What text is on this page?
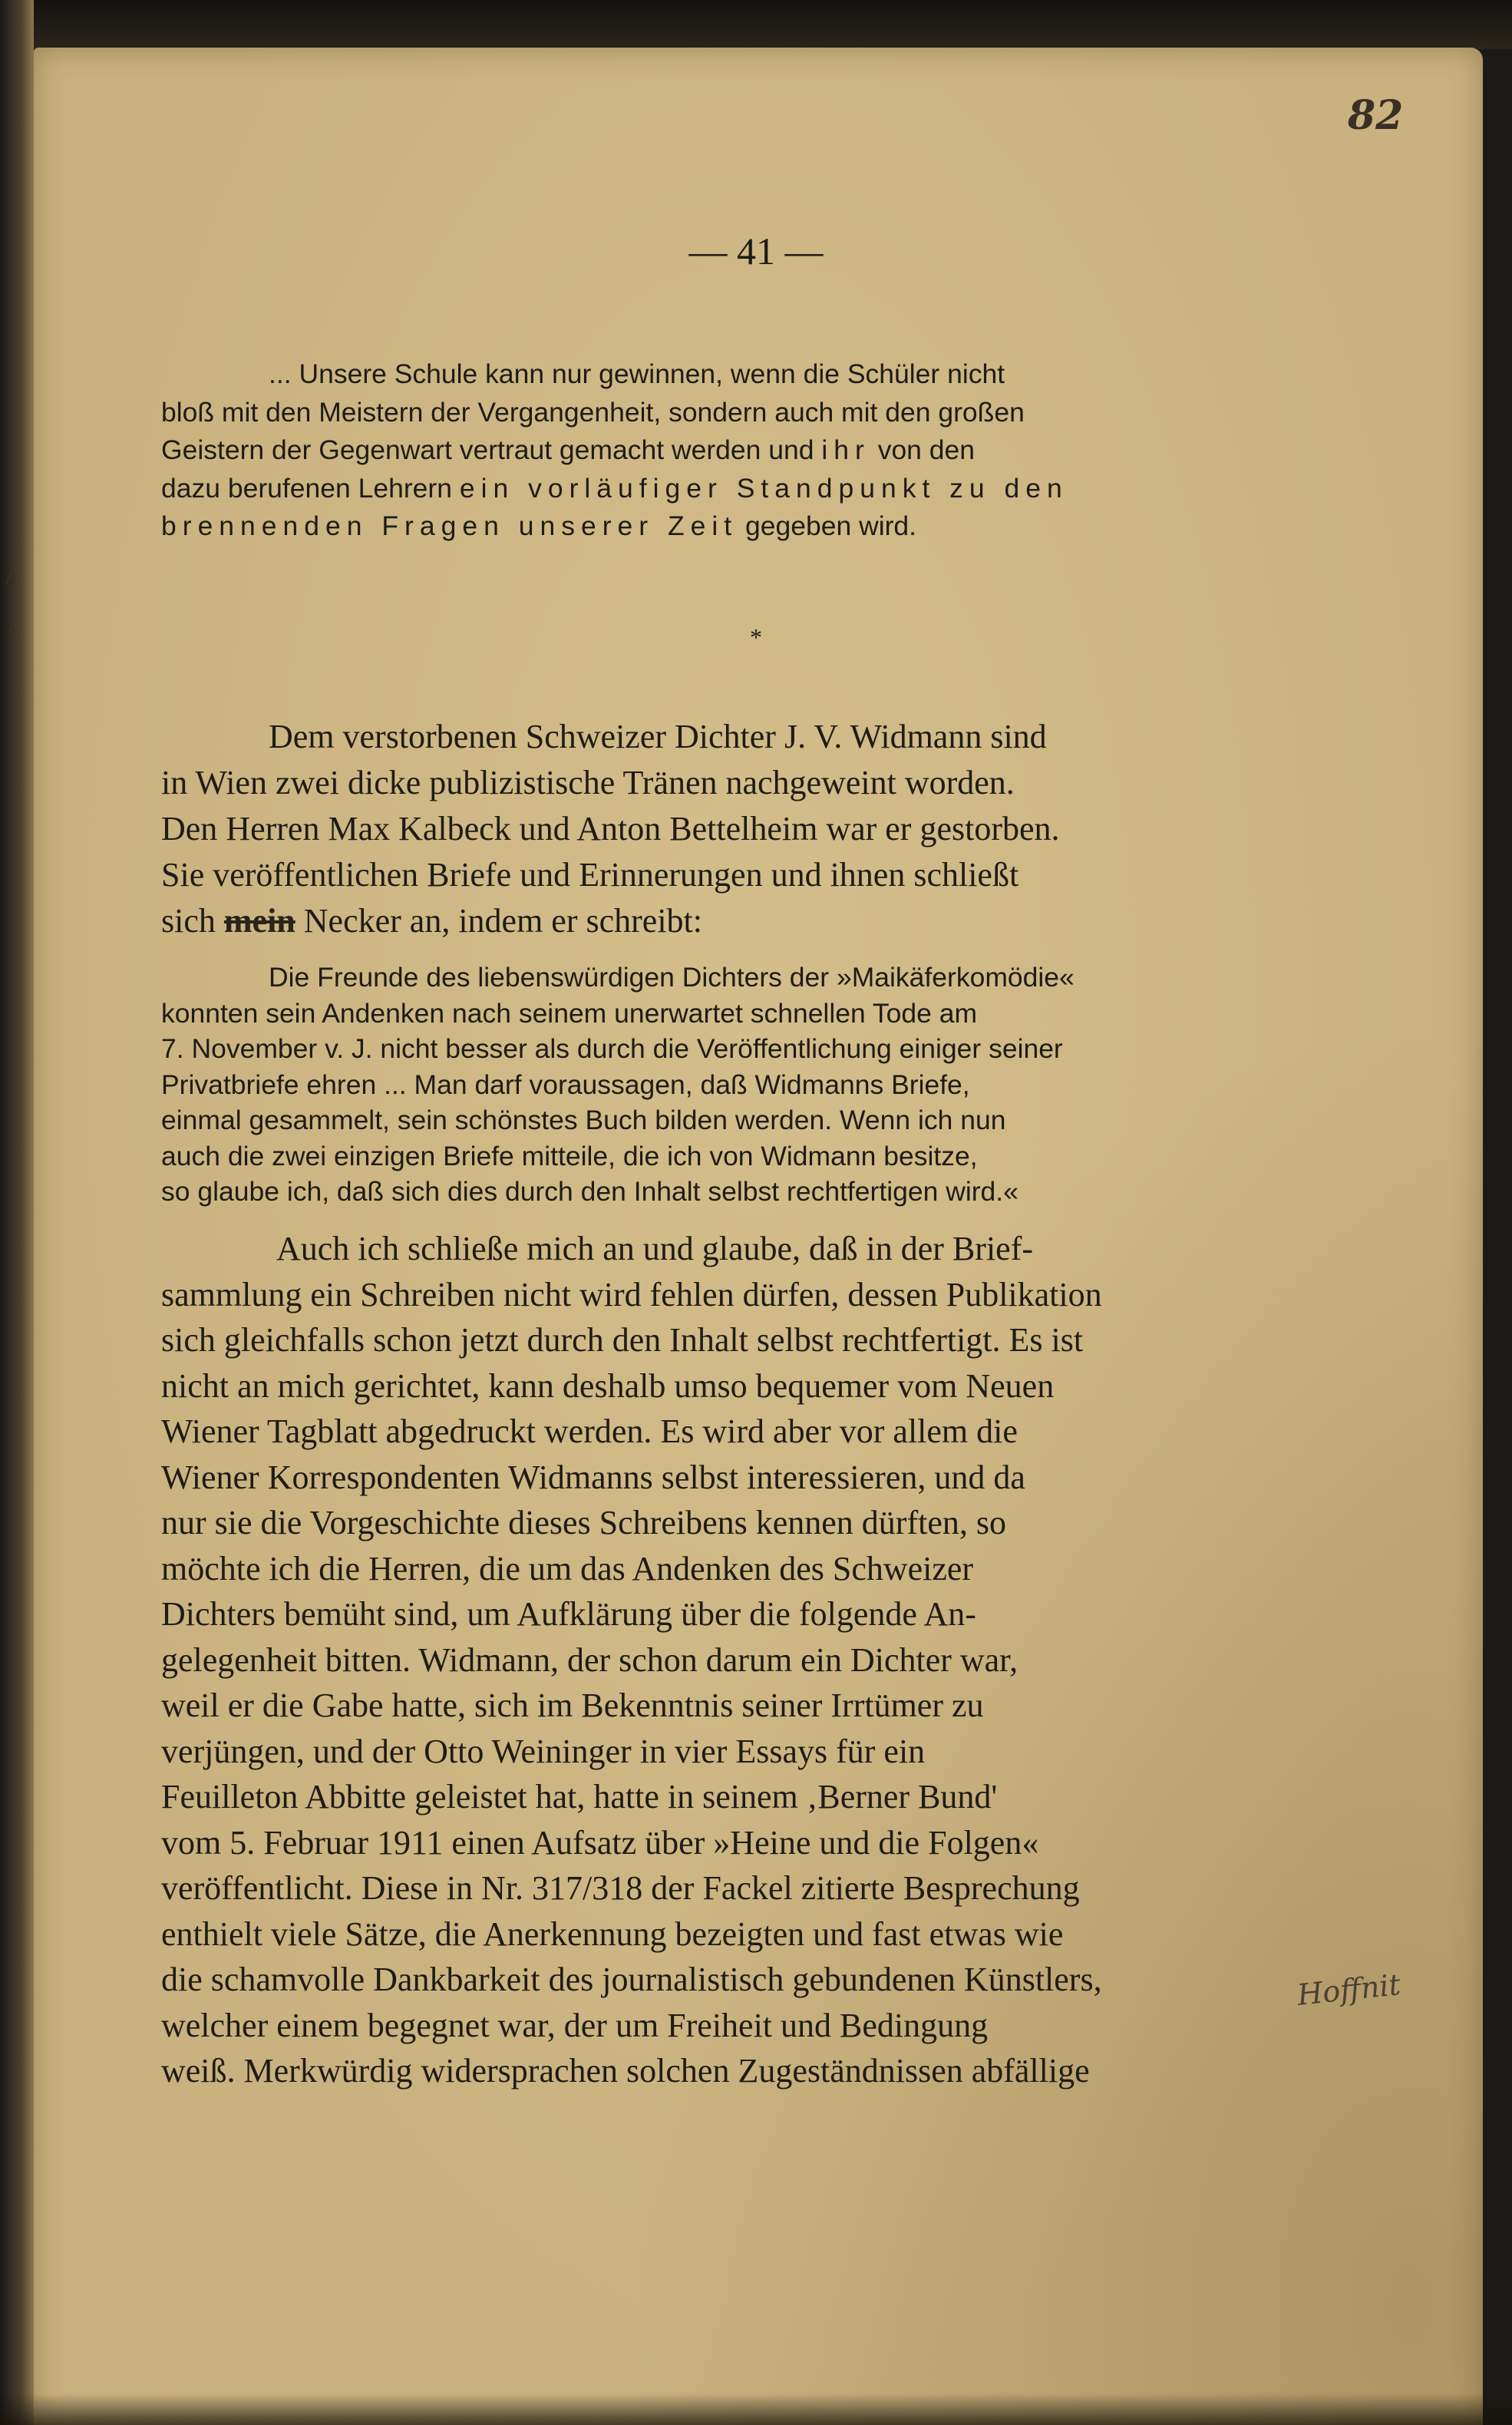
82
— 41 —
... Unsere Schule kann nur gewinnen, wenn die Schüler nicht
bloß mit den Meistern der Vergangenheit, sondern auch mit den großen
Geistern der Gegenwart vertraut gemacht werden und ihr von den
dazu berufenen Lehrern ein vorläufiger Standpunkt zu den
brennenden Fragen unserer Zeit gegeben wird.
*
Dem verstorbenen Schweizer Dichter J. V. Widmann sind
in Wien zwei dicke publizistische Tränen nachgeweint worden.
Den Herren Max Kalbeck und Anton Bettelheim war er gestorben.
Sie veröffentlichen Briefe und Erinnerungen und ihnen schließt
sich mein Necker an, indem er schreibt:
Die Freunde des liebenswürdigen Dichters der »Maikäferkomödie«
konnten sein Andenken nach seinem unerwartet schnellen Tode am
7. November v. J. nicht besser als durch die Veröffentlichung einiger seiner
Privatbriefe ehren ... Man darf voraussagen, daß Widmanns Briefe,
einmal gesammelt, sein schönstes Buch bilden werden. Wenn ich nun
auch die zwei einzigen Briefe mitteile, die ich von Widmann besitze,
so glaube ich, daß sich dies durch den Inhalt selbst rechtfertigen wird.«
Auch ich schließe mich an und glaube, daß in der Brief-
sammlung ein Schreiben nicht wird fehlen dürfen, dessen Publikation
sich gleichfalls schon jetzt durch den Inhalt selbst rechtfertigt. Es ist
nicht an mich gerichtet, kann deshalb umso bequemer vom Neuen
Wiener Tagblatt abgedruckt werden. Es wird aber vor allem die
Wiener Korrespondenten Widmanns selbst interessieren, und da
nur sie die Vorgeschichte dieses Schreibens kennen dürften, so
möchte ich die Herren, die um das Andenken des Schweizer
Dichters bemüht sind, um Aufklärung über die folgende An-
gelegenheit bitten. Widmann, der schon darum ein Dichter war,
weil er die Gabe hatte, sich im Bekenntnis seiner Irrtümer zu
verjüngen, und der Otto Weininger in vier Essays für ein
Feuilleton Abbitte geleistet hat, hatte in seinem ‚Berner Bund'
vom 5. Februar 1911 einen Aufsatz über »Heine und die Folgen«
veröffentlicht. Diese in Nr. 317/318 der Fackel zitierte Besprechung
enthielt viele Sätze, die Anerkennung bezeigten und fast etwas wie
die schamvolle Dankbarkeit des journalistisch gebundenen Künstlers,
welcher einem begegnet war, der um Freiheit und Bedingung
weiß. Merkwürdig widersprachen solchen Zugeständnissen abfällige
Hoffnit
/
/
:
